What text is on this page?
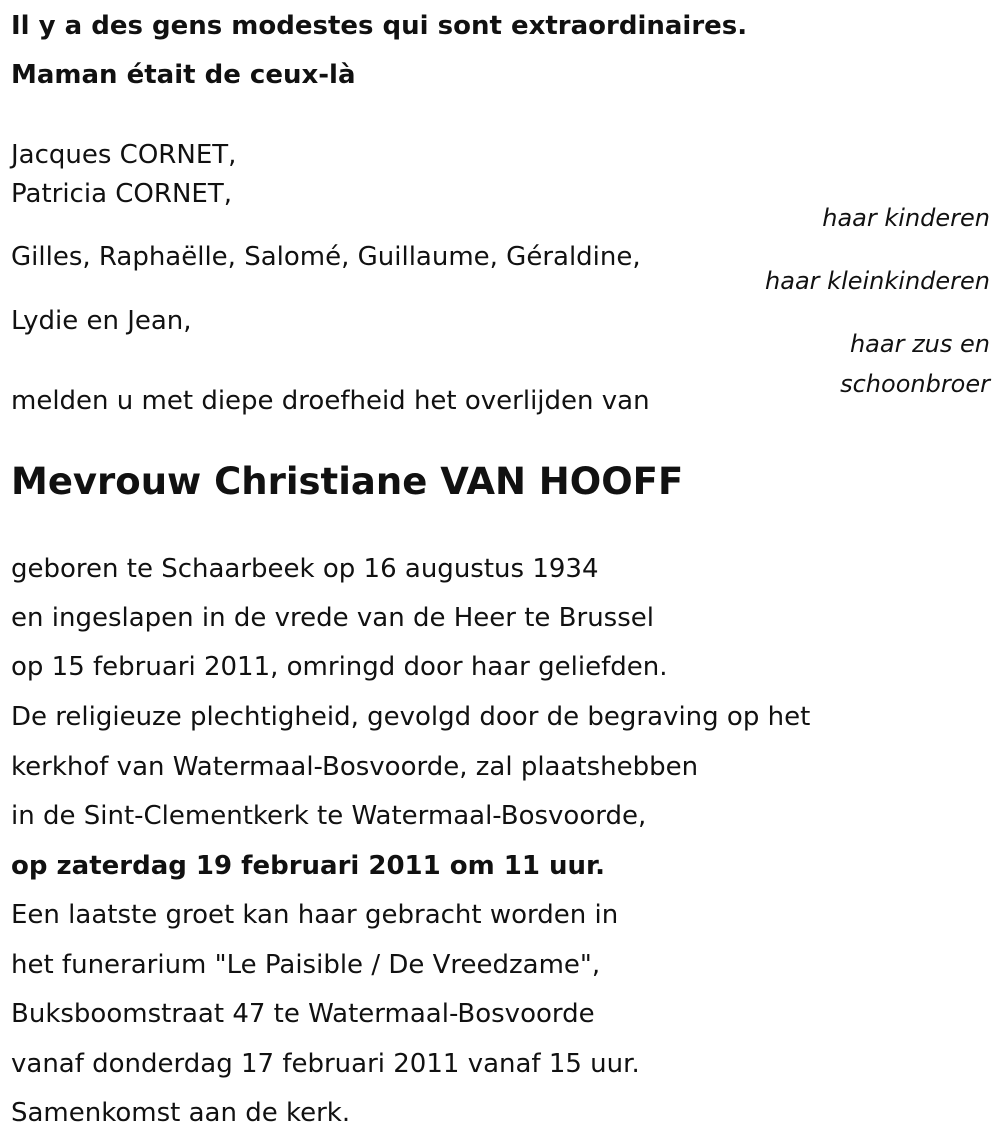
Il y a des gens modestes qui sont extraordinaires.
Maman était de ceux-là
Jacques CORNET,
Patricia CORNET,
haar kinderen
Gilles, Raphaëlle, Salomé, Guillaume, Géraldine,
haar kleinkinderen
Lydie en Jean,
haar zus en
schoonbroer
melden u met diepe droefheid het overlijden van
Mevrouw Christiane VAN HOOFF
geboren te Schaarbeek op 16 augustus 1934
en ingeslapen in de vrede van de Heer te Brussel
op 15 februari 2011, omringd door haar geliefden.
De religieuze plechtigheid, gevolgd door de begraving op het
kerkhof van Watermaal-Bosvoorde, zal plaatshebben
in de Sint-Clementkerk te Watermaal-Bosvoorde,
op zaterdag 19 februari 2011 om 11 uur.
Een laatste groet kan haar gebracht worden in
het funerarium "Le Paisible / De Vreedzame",
Buksboomstraat 47 te Watermaal-Bosvoorde
vanaf donderdag 17 februari 2011 vanaf 15 uur.
Samenkomst aan de kerk.
